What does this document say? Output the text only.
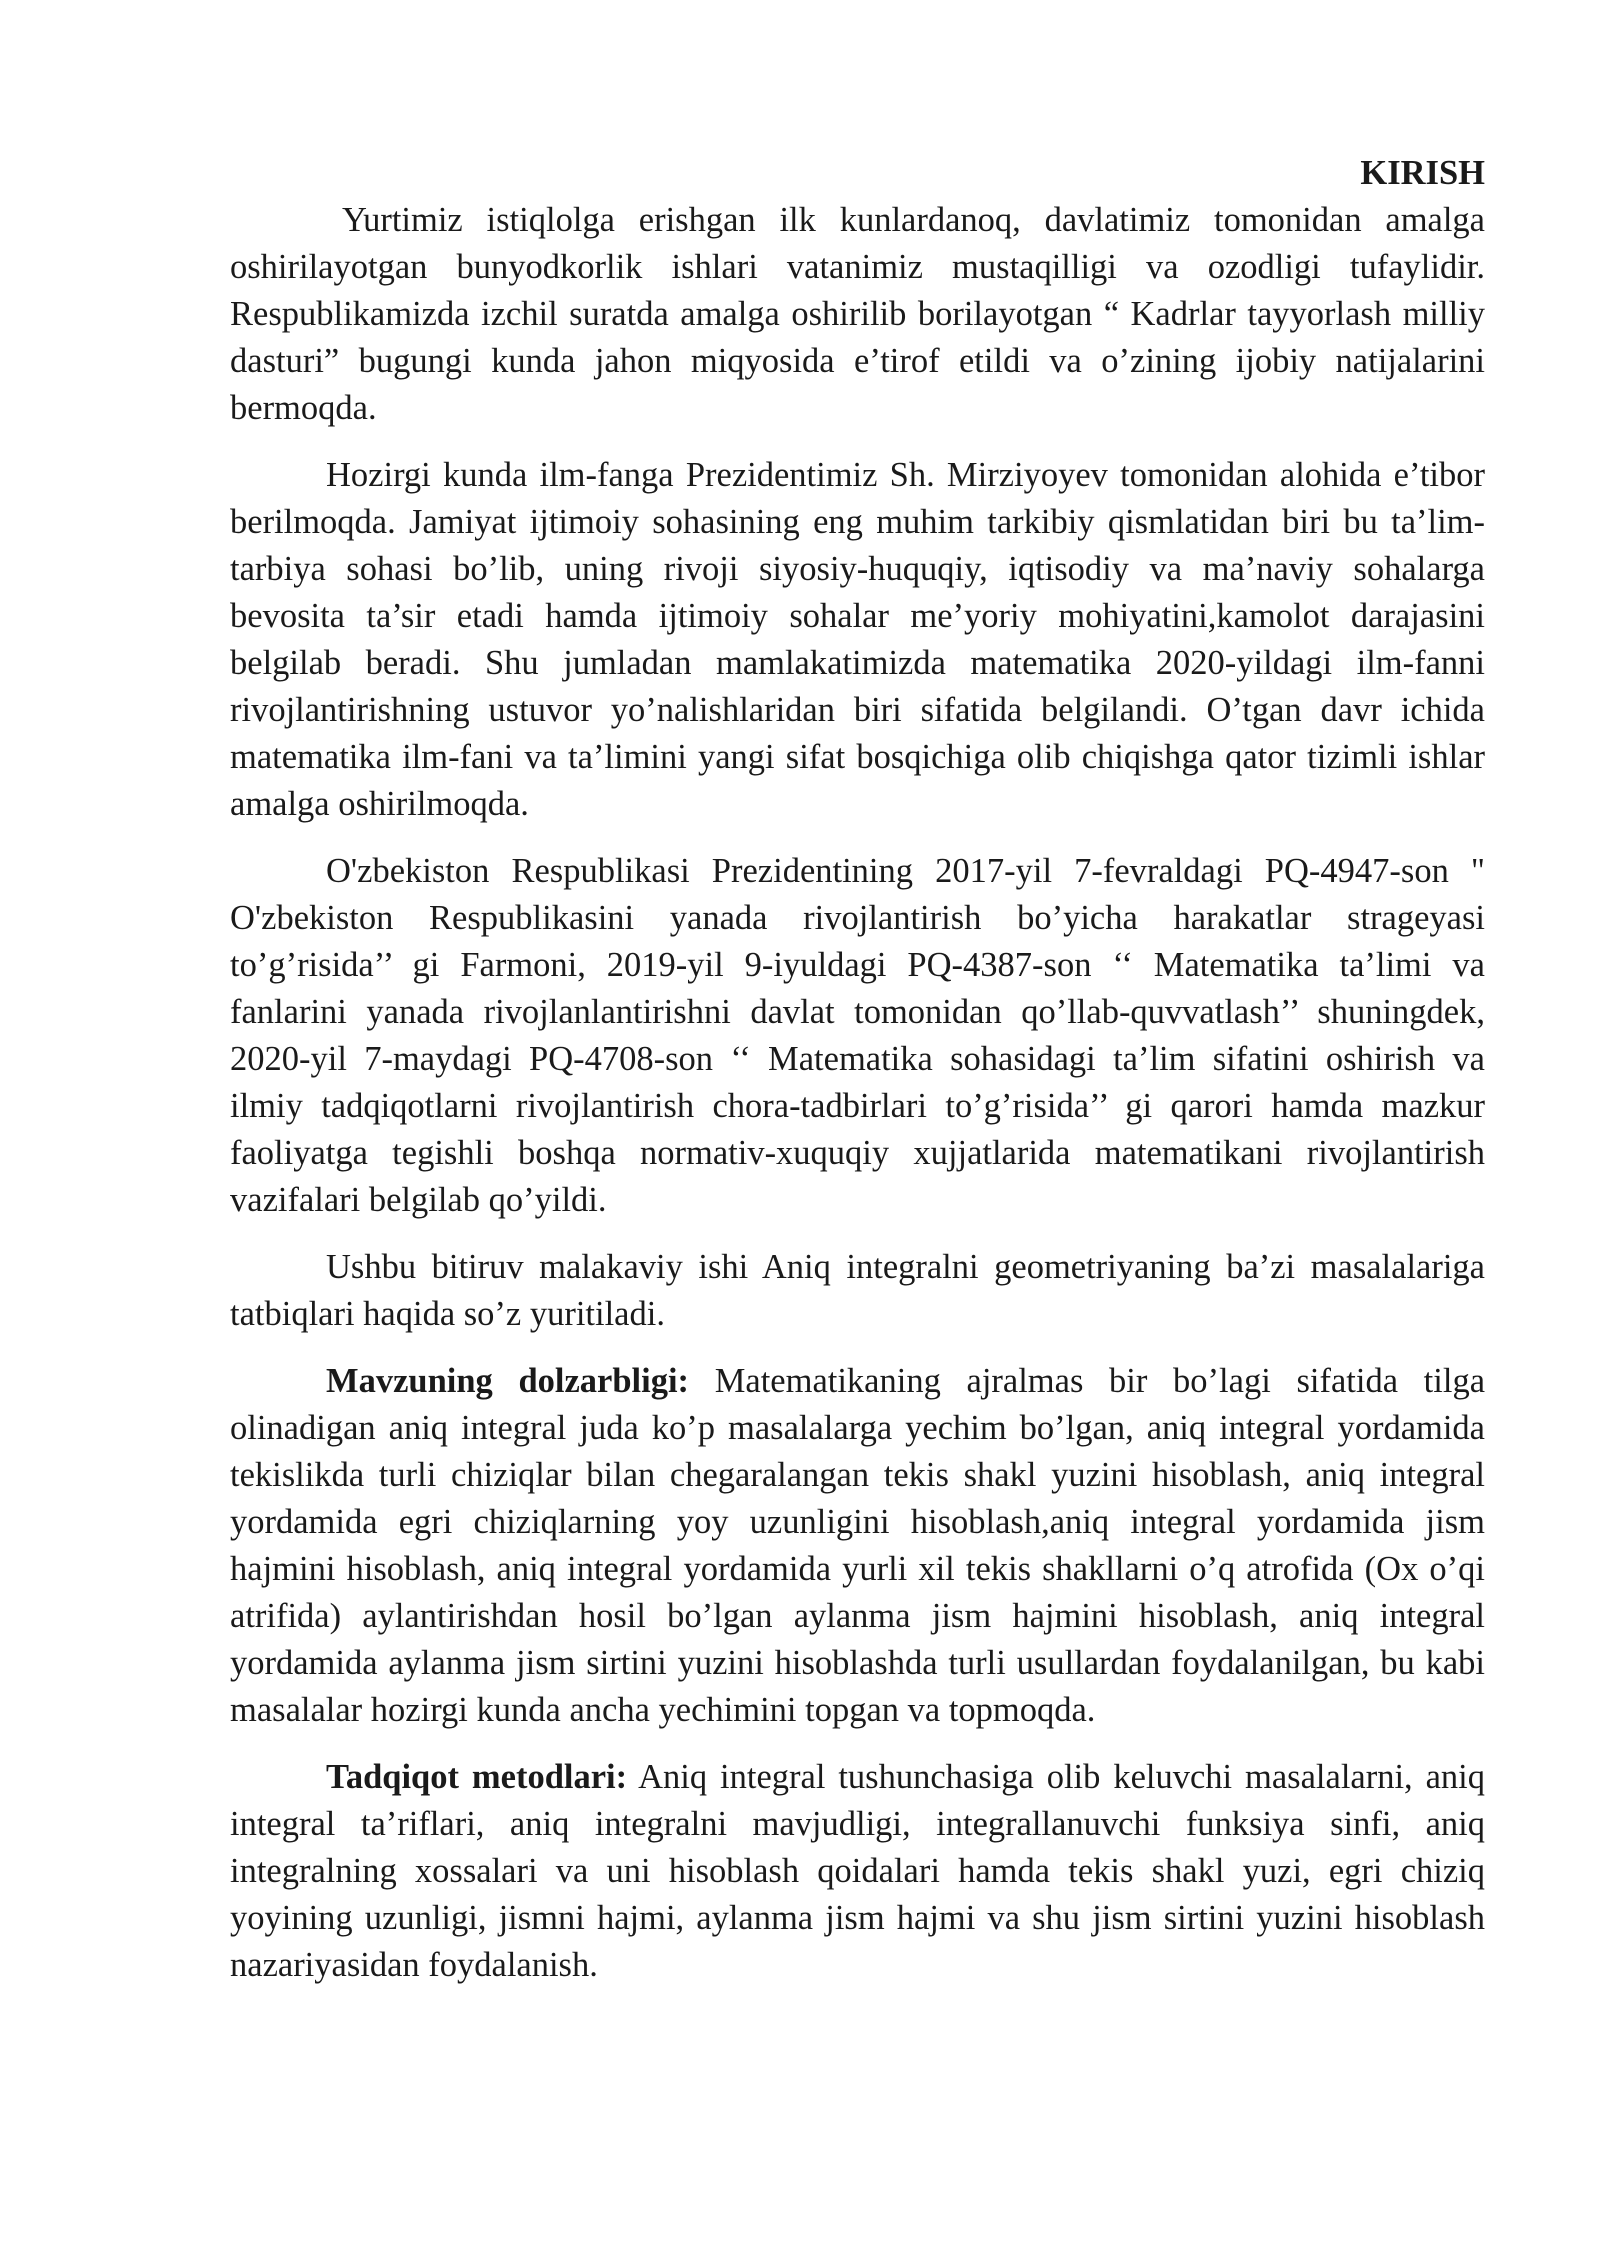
KIRISH

Yurtimiz istiqlolga erishgan ilk kunlardanoq, davlatimiz tomonidan amalga oshirilayotgan bunyodkorlik ishlari vatanimiz mustaqilligi va ozodligi tufaylidir. Respublikamizda izchil suratda amalga oshirilib borilayotgan “ Kadrlar tayyorlash milliy dasturi” bugungi kunda jahon miqyosida e’tirof etildi va o’zining ijobiy natijalarini bermoqda.

Hozirgi kunda ilm-fanga Prezidentimiz Sh. Mirziyoyev tomonidan alohida e’tibor berilmoqda. Jamiyat ijtimoiy sohasining eng muhim tarkibiy qismlatidan biri bu ta’lim-tarbiya sohasi bo’lib, uning rivoji siyosiy-huquqiy, iqtisodiy va ma’naviy sohalarga bevosita ta’sir etadi hamda ijtimoiy sohalar me’yoriy mohiyatini,kamolot darajasini belgilab beradi. Shu jumladan mamlakatimizda matematika 2020-yildagi ilm-fanni rivojlantirishning ustuvor yo’nalishlaridan biri sifatida belgilandi. O’tgan davr ichida matematika ilm-fani va ta’limini yangi sifat bosqichiga olib chiqishga qator tizimli ishlar amalga oshirilmoqda.

O'zbekiston Respublikasi Prezidentining 2017-yil 7-fevraldagi PQ-4947-son " O'zbekiston Respublikasini yanada rivojlantirish bo’yicha harakatlar strageyasi to’g’risida’’ gi Farmoni, 2019-yil 9-iyuldagi PQ-4387-son ‘‘ Matematika ta’limi va fanlarini yanada rivojlanlantirishni davlat tomonidan qo’llab-quvvatlash’’ shuningdek, 2020-yil 7-maydagi PQ-4708-son ‘‘ Matematika sohasidagi ta’lim sifatini oshirish va ilmiy tadqiqotlarni rivojlantirish chora-tadbirlari to’g’risida’’ gi qarori hamda mazkur faoliyatga tegishli boshqa normativ-xuquqiy xujjatlarida matematikani rivojlantirish vazifalari belgilab qo’yildi.

Ushbu bitiruv malakaviy ishi Aniq integralni geometriyaning ba’zi masalalariga tatbiqlari haqida so’z yuritiladi.

Mavzuning dolzarbligi: Matematikaning ajralmas bir bo’lagi sifatida tilga olinadigan aniq integral juda ko’p masalalarga yechim bo’lgan, aniq integral yordamida tekislikda turli chiziqlar bilan chegaralangan tekis shakl yuzini hisoblash, aniq integral yordamida egri chiziqlarning yoy uzunligini hisoblash,aniq integral yordamida jism hajmini hisoblash, aniq integral yordamida yurli xil tekis shakllarni o’q atrofida (Ox o’qi atrifida) aylantirishdan hosil bo’lgan aylanma jism hajmini hisoblash, aniq integral yordamida aylanma jism sirtini yuzini hisoblashda turli usullardan foydalanilgan, bu kabi masalalar hozirgi kunda ancha yechimini topgan va topmoqda.

Tadqiqot metodlari: Aniq integral tushunchasiga olib keluvchi masalalarni, aniq integral ta’riflari, aniq integralni mavjudligi, integrallanuvchi funksiya sinfi, aniq integralning xossalari va uni hisoblash qoidalari hamda tekis shakl yuzi, egri chiziq yoyining uzunligi, jismni hajmi, aylanma jism hajmi va shu jism sirtini yuzini hisoblash nazariyasidan foydalanish.
